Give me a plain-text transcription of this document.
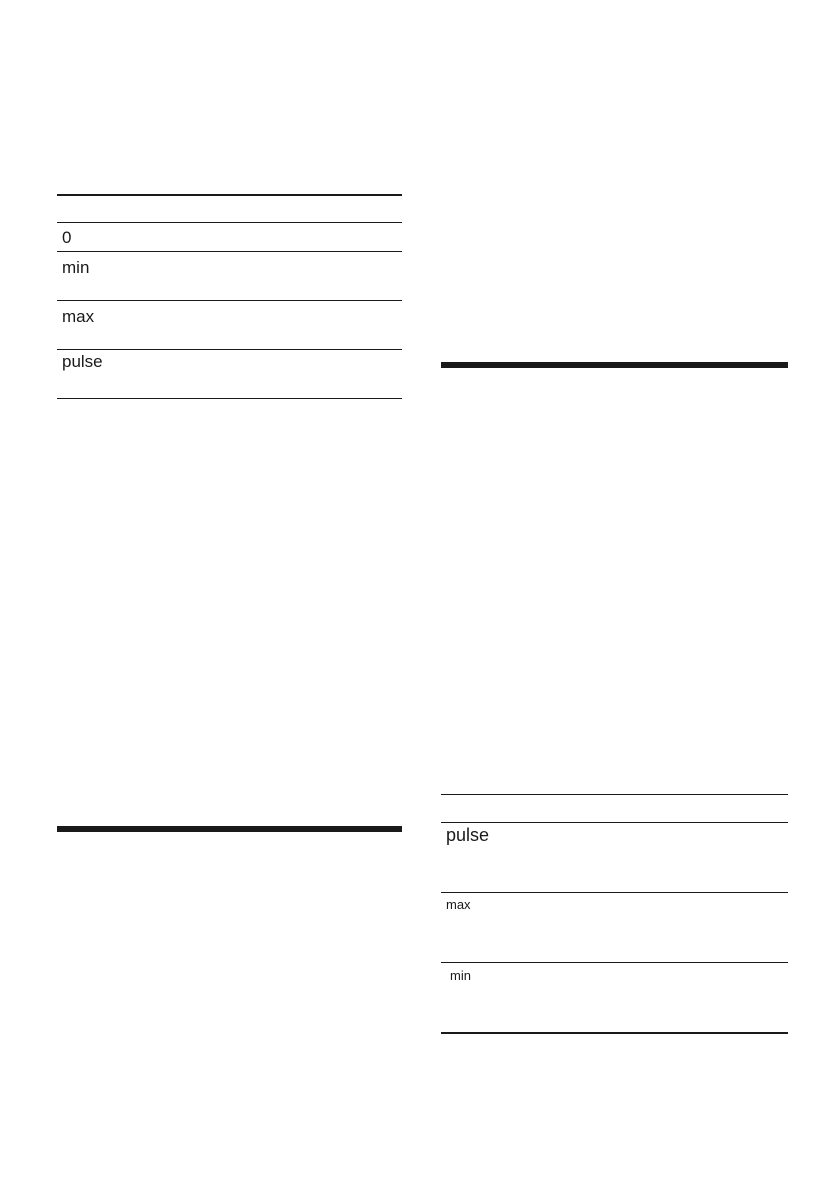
0
min
max
pulse
pulse
max
min
